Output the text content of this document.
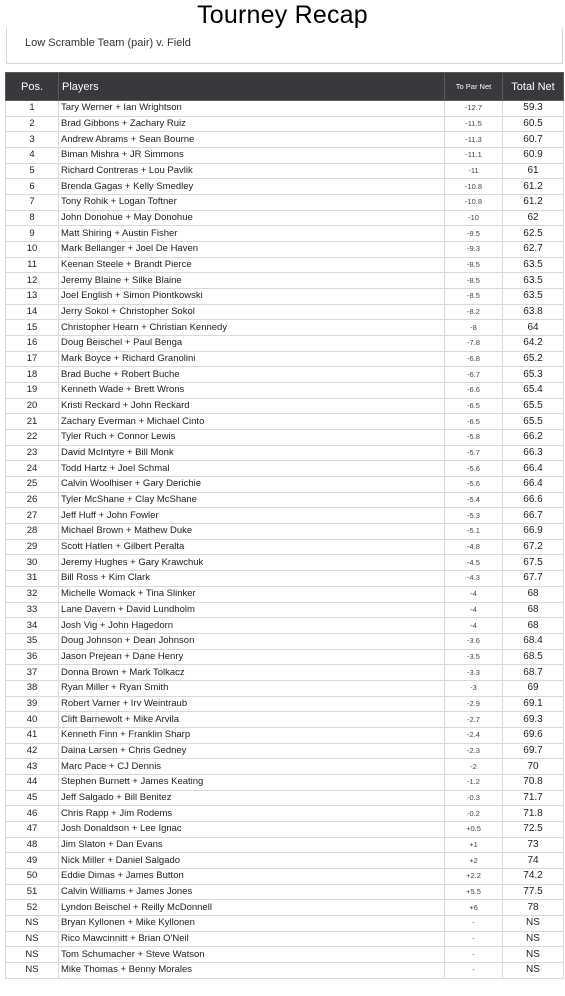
Tourney Recap
Low Scramble Team (pair) v. Field
Pos.	Players	To Par Net	Total Net
1	Tary Werner + Ian Wrightson	-12.7	59.3
2	Brad Gibbons + Zachary Ruiz	-11.5	60.5
3	Andrew Abrams + Sean Bourne	-11.3	60.7
4	Biman Mishra + JR Simmons	-11.1	60.9
5	Richard Contreras + Lou Pavlik	-11	61
6	Brenda Gagas + Kelly Smedley	-10.8	61.2
7	Tony Rohik + Logan Toftner	-10.8	61.2
8	John Donohue + May Donohue	-10	62
9	Matt Shiring + Austin Fisher	-9.5	62.5
10	Mark Bellanger + Joel De Haven	-9.3	62.7
11	Keenan Steele + Brandt Pierce	-8.5	63.5
12	Jeremy Blaine + Silke Blaine	-8.5	63.5
13	Joel English + Simon Piontkowski	-8.5	63.5
14	Jerry Sokol + Christopher Sokol	-8.2	63.8
15	Christopher Hearn + Christian Kennedy	-8	64
16	Doug Beischel + Paul Benga	-7.8	64.2
17	Mark Boyce + Richard Granolini	-6.8	65.2
18	Brad Buche + Robert Buche	-6.7	65.3
19	Kenneth Wade + Brett Wrons	-6.6	65.4
20	Kristi Reckard + John Reckard	-6.5	65.5
21	Zachary Everman + Michael Cinto	-6.5	65.5
22	Tyler Ruch + Connor Lewis	-5.8	66.2
23	David McIntyre + Bill Monk	-5.7	66.3
24	Todd Hartz + Joel Schmal	-5.6	66.4
25	Calvin Woolhiser + Gary Derichie	-5.6	66.4
26	Tyler McShane + Clay McShane	-5.4	66.6
27	Jeff Huff + John Fowler	-5.3	66.7
28	Michael Brown + Mathew Duke	-5.1	66.9
29	Scott Hatlen + Gilbert Peralta	-4.8	67.2
30	Jeremy Hughes + Gary Krawchuk	-4.5	67.5
31	Bill Ross + Kim Clark	-4.3	67.7
32	Michelle Womack + Tina Slinker	-4	68
33	Lane Davern + David Lundholm	-4	68
34	Josh Vig + John Hagedorn	-4	68
35	Doug Johnson + Dean Johnson	-3.6	68.4
36	Jason Prejean + Dane Henry	-3.5	68.5
37	Donna Brown + Mark Tolkacz	-3.3	68.7
38	Ryan Miller + Ryan Smith	-3	69
39	Robert Varner + Irv Weintraub	-2.9	69.1
40	Clift Barnewolt + Mike Arvila	-2.7	69.3
41	Kenneth Finn + Franklin Sharp	-2.4	69.6
42	Daina Larsen + Chris Gedney	-2.3	69.7
43	Marc Pace + CJ Dennis	-2	70
44	Stephen Burnett + James Keating	-1.2	70.8
45	Jeff Salgado + Bill Benitez	-0.3	71.7
46	Chris Rapp + Jim Rodems	-0.2	71.8
47	Josh Donaldson + Lee Ignac	+0.5	72.5
48	Jim Slaton + Dan Evans	+1	73
49	Nick Miller + Daniel Salgado	+2	74
50	Eddie Dimas + James Button	+2.2	74.2
51	Calvin Williams + James Jones	+5.5	77.5
52	Lyndon Beischel + Reilly McDonnell	+6	78
NS	Bryan Kyllonen + Mike Kyllonen	-	NS
NS	Rico Mawcinnitt + Brian O'Neil	-	NS
NS	Tom Schumacher + Steve Watson	-	NS
NS	Mike Thomas + Benny Morales	-	NS
